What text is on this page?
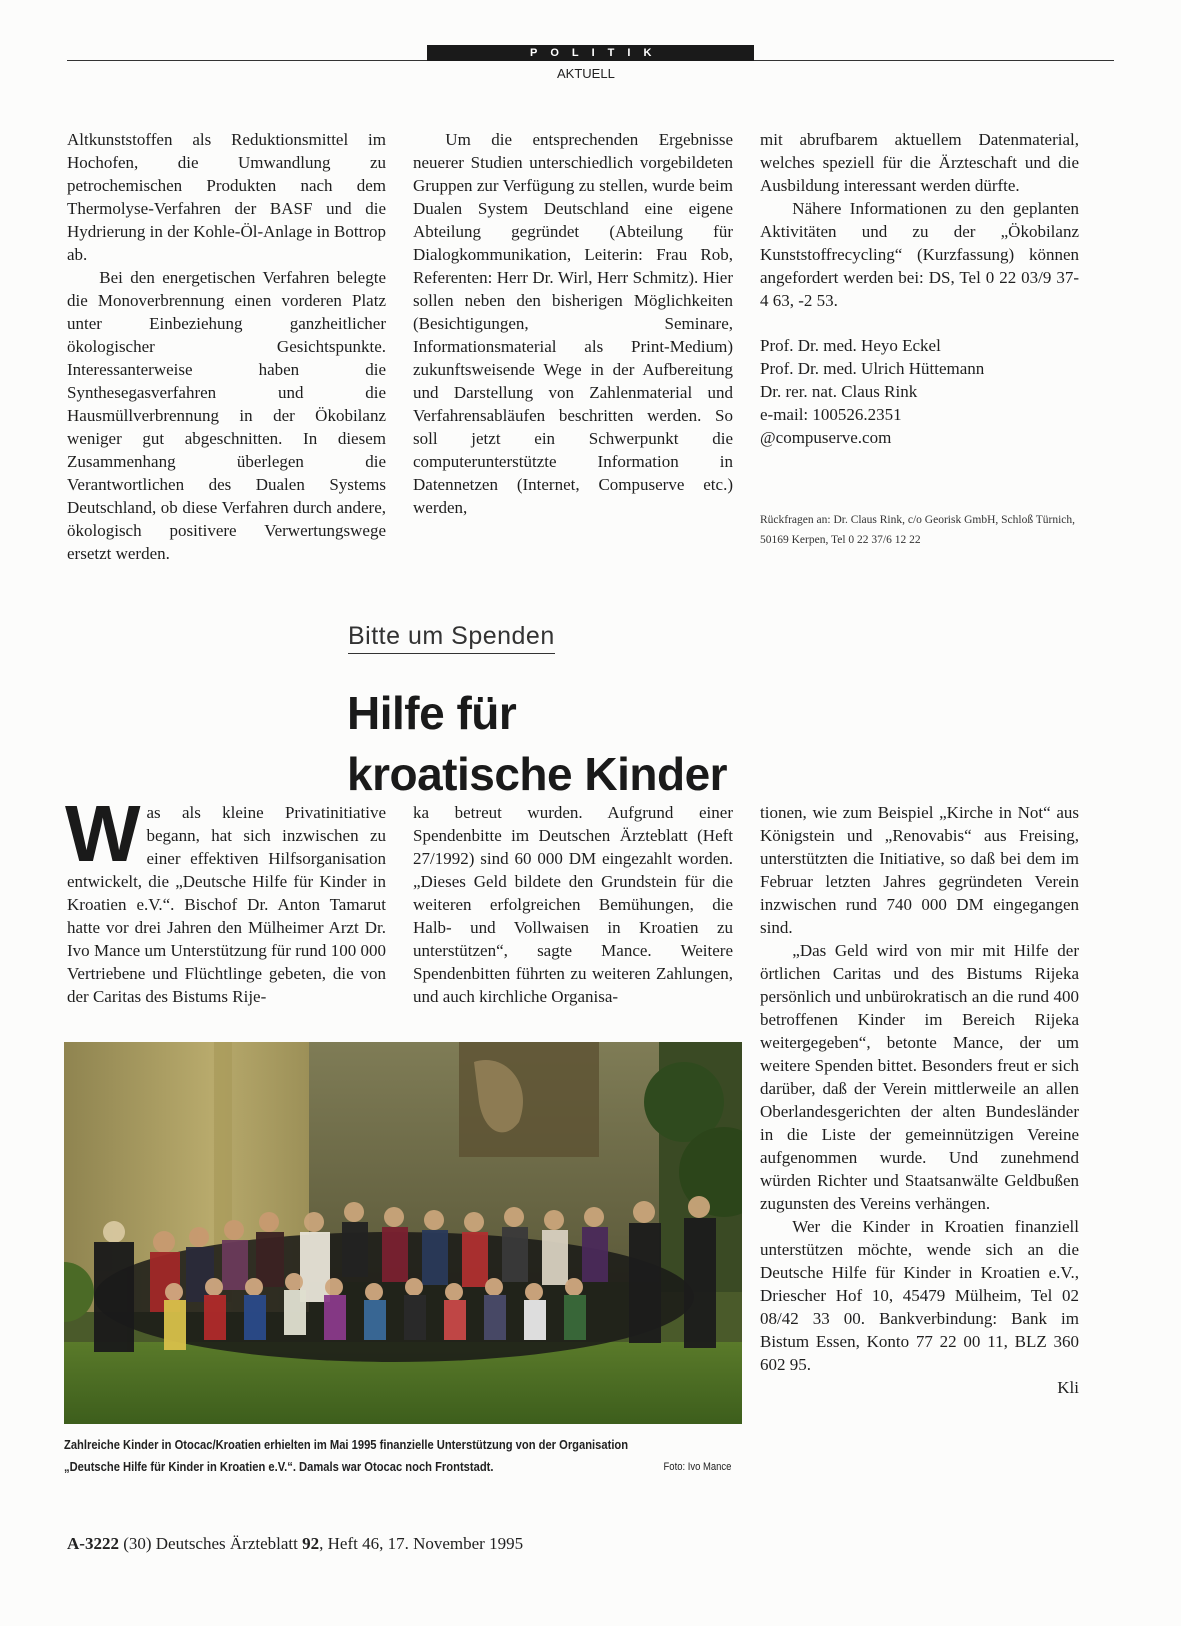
POLITIK
AKTUELL

Altkunststoffen als Reduktionsmittel im Hochofen, die Umwandlung zu petrochemischen Produkten nach dem Thermolyse-Verfahren der BASF und die Hydrierung in der Kohle-Öl-Anlage in Bottrop ab.

Bei den energetischen Verfahren belegte die Monoverbrennung einen vorderen Platz unter Einbeziehung ganzheitlicher ökologischer Gesichtspunkte. Interessanterweise haben die Synthesegasverfahren und die Hausmüllverbrennung in der Ökobilanz weniger gut abgeschnitten. In diesem Zusammenhang überlegen die Verantwortlichen des Dualen Systems Deutschland, ob diese Verfahren durch andere, ökologisch positivere Verwertungswege ersetzt werden.

Um die entsprechenden Ergebnisse neuerer Studien unterschiedlich vorgebildeten Gruppen zur Verfügung zu stellen, wurde beim Dualen System Deutschland eine eigene Abteilung gegründet (Abteilung für Dialogkommunikation, Leiterin: Frau Rob, Referenten: Herr Dr. Wirl, Herr Schmitz). Hier sollen neben den bisherigen Möglichkeiten (Besichtigungen, Seminare, Informationsmaterial als Print-Medium) zukunftsweisende Wege in der Aufbereitung und Darstellung von Zahlenmaterial und Verfahrensabläufen beschritten werden. So soll jetzt ein Schwerpunkt die computerunterstützte Information in Datennetzen (Internet, Compuserve etc.) werden,

mit abrufbarem aktuellem Datenmaterial, welches speziell für die Ärzteschaft und die Ausbildung interessant werden dürfte.

Nähere Informationen zu den geplanten Aktivitäten und zu der „Ökobilanz Kunststoffrecycling“ (Kurzfassung) können angefordert werden bei: DS, Tel 0 22 03/9 37-4 63, -2 53.

Prof. Dr. med. Heyo Eckel
Prof. Dr. med. Ulrich Hüttemann
Dr. rer. nat. Claus Rink
e-mail: 100526.2351
@compuserve.com
Rückfragen an: Dr. Claus Rink, c/o Georisk GmbH, Schloß Türnich, 50169 Kerpen, Tel 0 22 37/6 12 22
Bitte um Spenden
Hilfe für
kroatische Kinder
Was als kleine Privatinitiative begann, hat sich inzwischen zu einer effektiven Hilfsorganisation entwickelt, die „Deutsche Hilfe für Kinder in Kroatien e.V.“. Bischof Dr. Anton Tamarut hatte vor drei Jahren den Mülheimer Arzt Dr. Ivo Mance um Unterstützung für rund 100 000 Vertriebene und Flüchtlinge gebeten, die von der Caritas des Bistums Rije-

ka betreut wurden. Aufgrund einer Spendenbitte im Deutschen Ärzteblatt (Heft 27/1992) sind 60 000 DM eingezahlt worden. „Dieses Geld bildete den Grundstein für die weiteren erfolgreichen Bemühungen, die Halb- und Vollwaisen in Kroatien zu unterstützen“, sagte Mance. Weitere Spendenbitten führten zu weiteren Zahlungen, und auch kirchliche Organisa-

tionen, wie zum Beispiel „Kirche in Not“ aus Königstein und „Renovabis“ aus Freising, unterstützten die Initiative, so daß bei dem im Februar letzten Jahres gegründeten Verein inzwischen rund 740 000 DM eingegangen sind.

„Das Geld wird von mir mit Hilfe der örtlichen Caritas und des Bistums Rijeka persönlich und unbürokratisch an die rund 400 betroffenen Kinder im Bereich Rijeka weitergegeben“, betonte Mance, der um weitere Spenden bittet. Besonders freut er sich darüber, daß der Verein mittlerweile an allen Oberlandesgerichten der alten Bundesländer in die Liste der gemeinnützigen Vereine aufgenommen wurde. Und zunehmend würden Richter und Staatsanwälte Geldbußen zugunsten des Vereins verhängen.

Wer die Kinder in Kroatien finanziell unterstützen möchte, wende sich an die Deutsche Hilfe für Kinder in Kroatien e.V., Driescher Hof 10, 45479 Mülheim, Tel 02 08/42 33 00. Bankverbindung: Bank im Bistum Essen, Konto 77 22 00 11, BLZ 360 602 95.

Kli
Zahlreiche Kinder in Otocac/Kroatien erhielten im Mai 1995 finanzielle Unterstützung von der Organisation
„Deutsche Hilfe für Kinder in Kroatien e.V.“. Damals war Otocac noch Frontstadt.	Foto: Ivo Mance
A-3222 (30) Deutsches Ärzteblatt 92, Heft 46, 17. November 1995
